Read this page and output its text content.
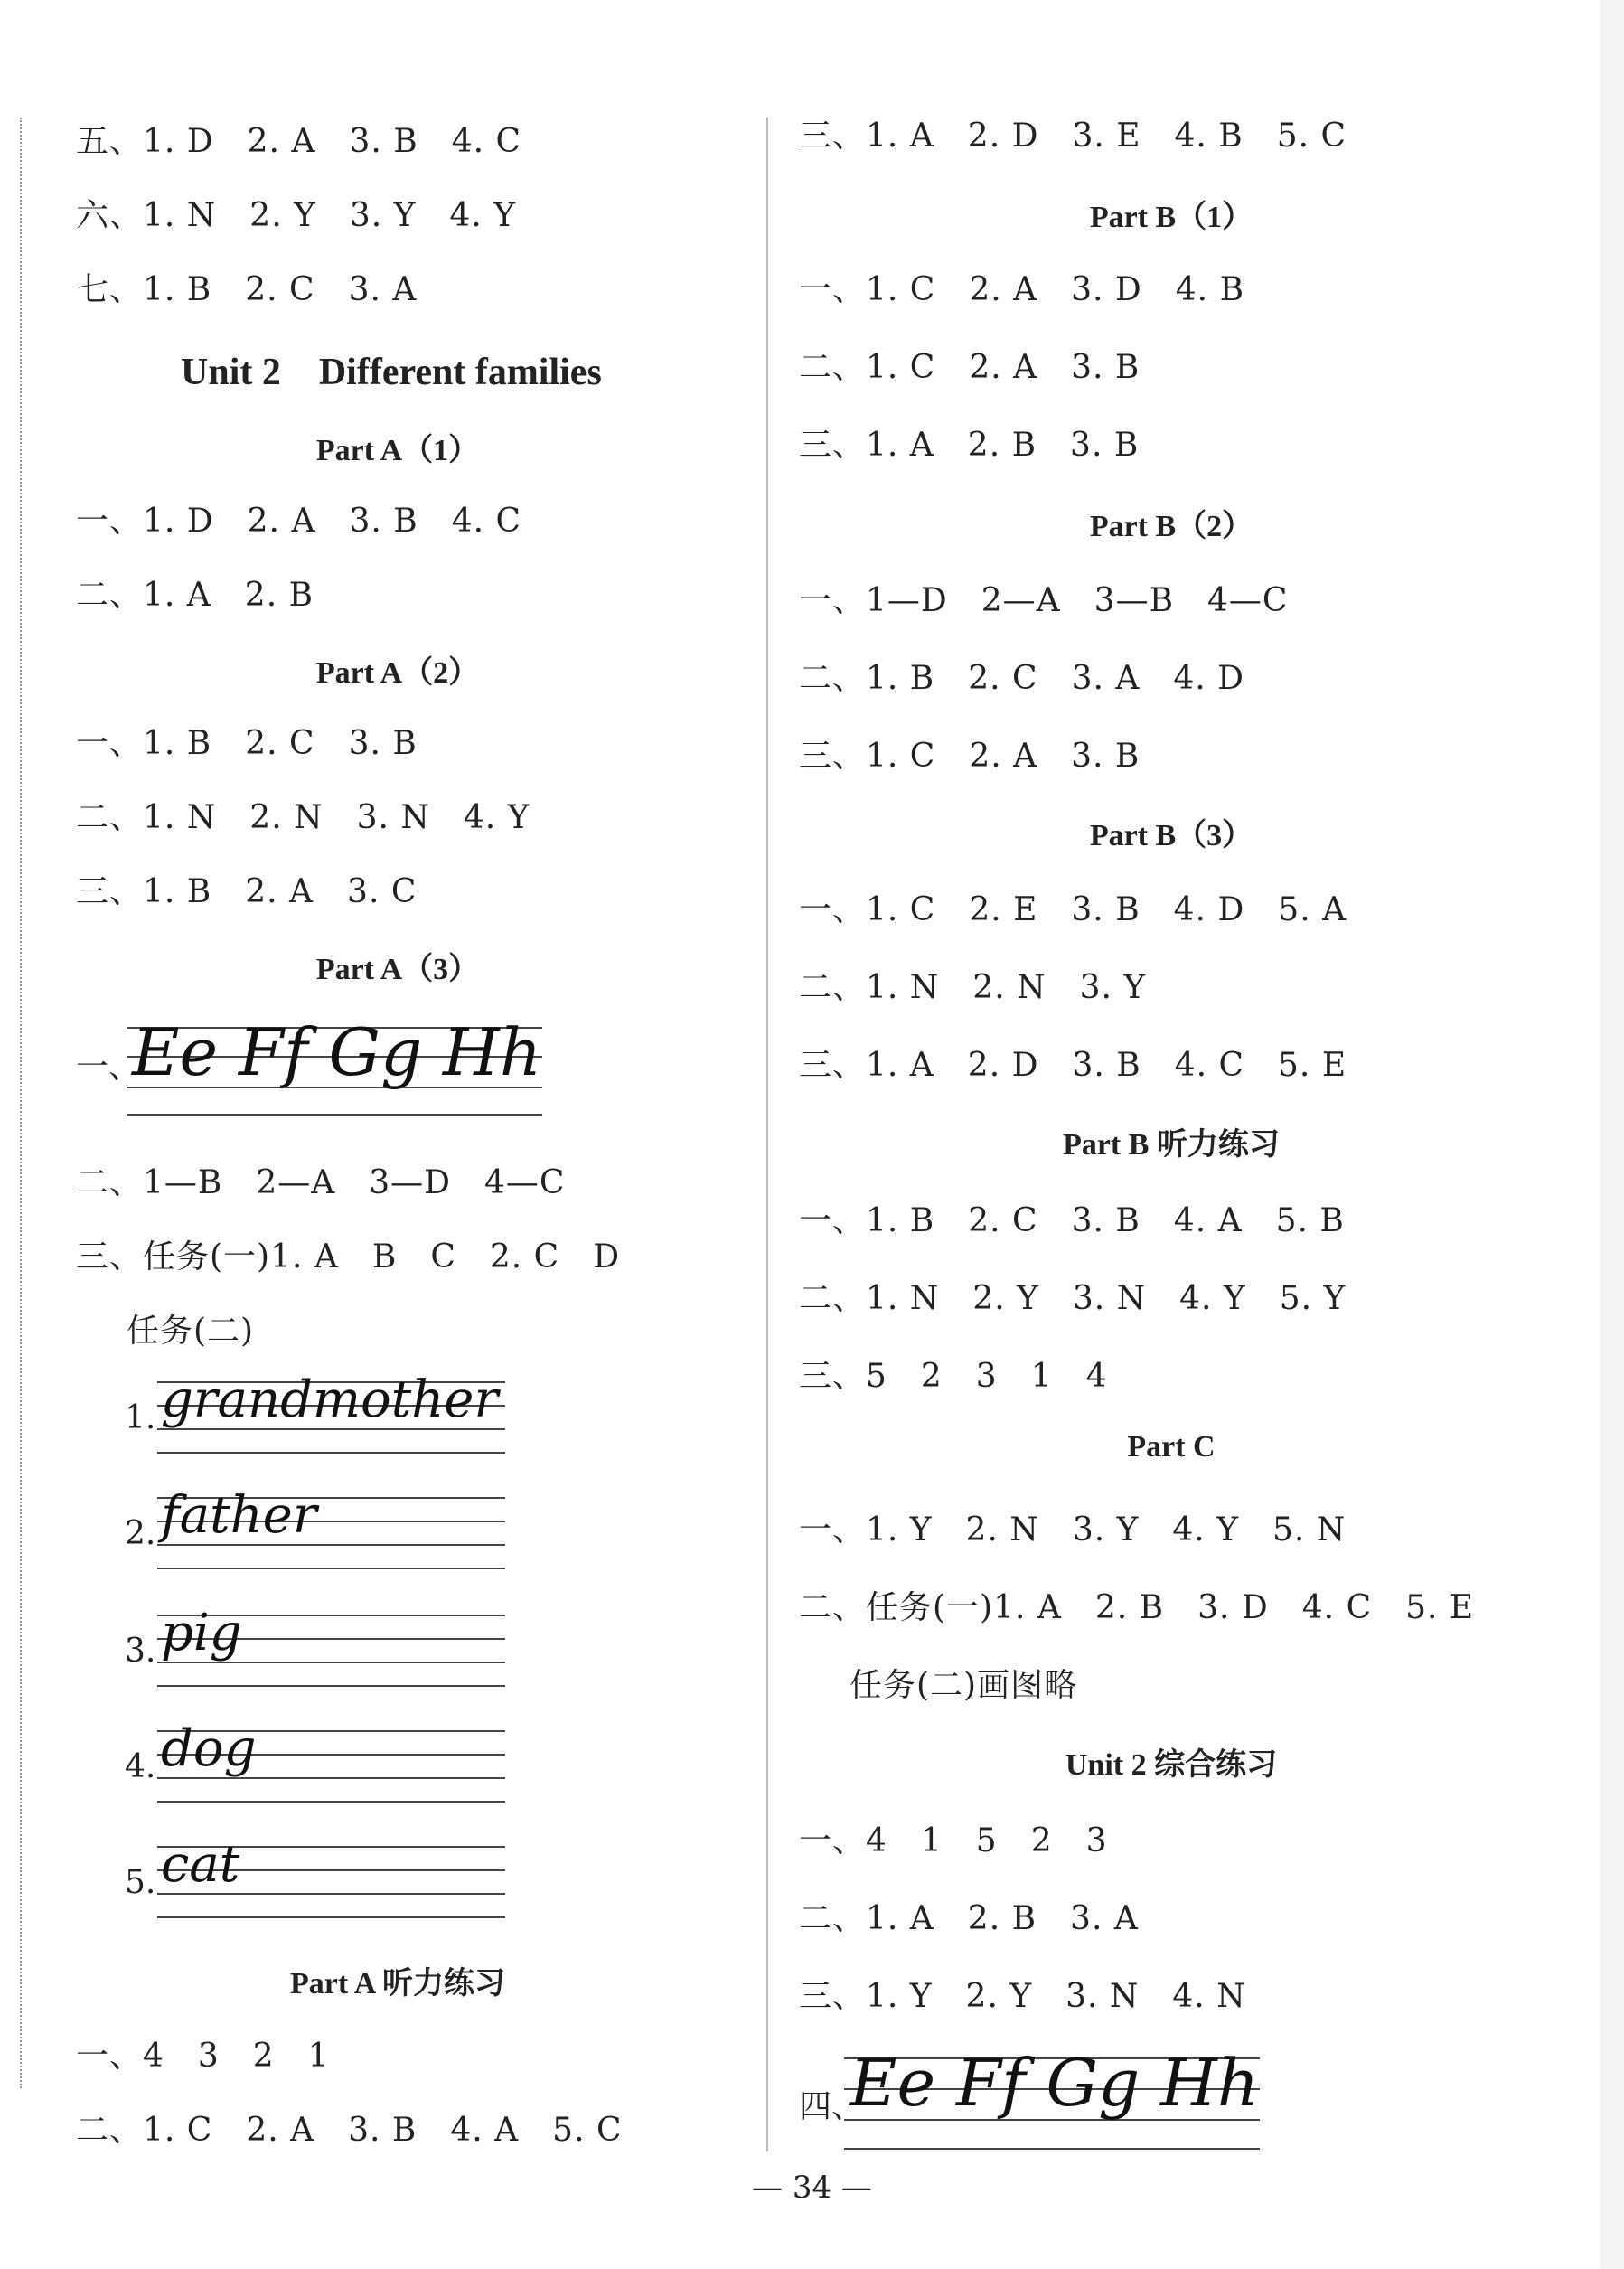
五、1. D　2. A　3. B　4. C
六、1. N　2. Y　3. Y　4. Y
七、1. B　2. C　3. A
Unit 2　Different families
Part A（1）
一、1. D　2. A　3. B　4. C
二、1. A　2. B
Part A（2）
一、1. B　2. C　3. B
二、1. N　2. N　3. N　4. Y
三、1. B　2. A　3. C
Part A（3）
一、
Ee Ff Gg Hh
二、1—B　2—A　3—D　4—C
三、任务(一)1. A　B　C　2. C　D
任务(二)
1. grandmother
2. father
3. pig
4. dog
5. cat
Part A 听力练习
一、4　3　2　1
二、1. C　2. A　3. B　4. A　5. C
三、1. A　2. D　3. E　4. B　5. C
Part B（1）
一、1. C　2. A　3. D　4. B
二、1. C　2. A　3. B
三、1. A　2. B　3. B
Part B（2）
一、1—D　2—A　3—B　4—C
二、1. B　2. C　3. A　4. D
三、1. C　2. A　3. B
Part B（3）
一、1. C　2. E　3. B　4. D　5. A
二、1. N　2. N　3. Y
三、1. A　2. D　3. B　4. C　5. E
Part B 听力练习
一、1. B　2. C　3. B　4. A　5. B
二、1. N　2. Y　3. N　4. Y　5. Y
三、5　2　3　1　4
Part C
一、1. Y　2. N　3. Y　4. Y　5. N
二、任务(一)1. A　2. B　3. D　4. C　5. E
任务(二)画图略
Unit 2 综合练习
一、4　1　5　2　3
二、1. A　2. B　3. A
三、1. Y　2. Y　3. N　4. N
四、
Ee Ff Gg Hh
— 34 —
